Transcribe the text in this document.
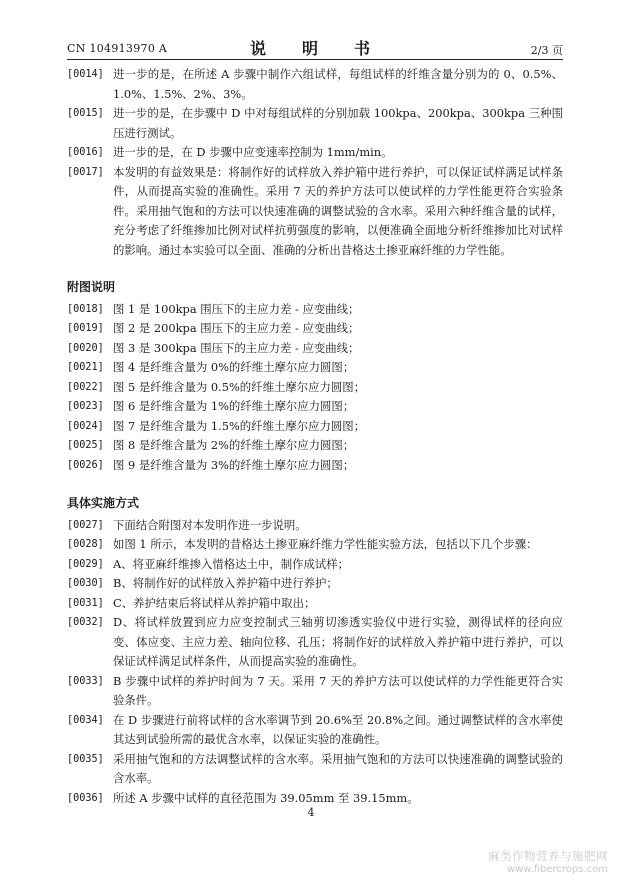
CN 104913970 A	说　明　书	2/3 页
[0014] 进一步的是，在所述 A 步骤中制作六组试样，每组试样的纤维含量分别为的 0、0.5%、1.0%、1.5%、2%、3%。
[0015] 进一步的是，在步骤中 D 中对每组试样的分别加载 100kpa、200kpa、300kpa 三种围压进行测试。
[0016] 进一步的是，在 D 步骤中应变速率控制为 1mm/min。
[0017] 本发明的有益效果是：将制作好的试样放入养护箱中进行养护，可以保证试样满足试样条件，从而提高实验的准确性。采用 7 天的养护方法可以使试样的力学性能更符合实验条件。采用抽气饱和的方法可以快速准确的调整试验的含水率。采用六种纤维含量的试样，充分考虑了纤维掺加比例对试样抗剪强度的影响，以便准确全面地分析纤维掺加比对试样的影响。通过本实验可以全面、准确的分析出昔格达土掺亚麻纤维的力学性能。
附图说明
[0018] 图 1 是 100kpa 围压下的主应力差 - 应变曲线；
[0019] 图 2 是 200kpa 围压下的主应力差 - 应变曲线；
[0020] 图 3 是 300kpa 围压下的主应力差 - 应变曲线；
[0021] 图 4 是纤维含量为 0%的纤维土摩尔应力圆图；
[0022] 图 5 是纤维含量为 0.5%的纤维土摩尔应力圆图；
[0023] 图 6 是纤维含量为 1%的纤维土摩尔应力圆图；
[0024] 图 7 是纤维含量为 1.5%的纤维土摩尔应力圆图；
[0025] 图 8 是纤维含量为 2%的纤维土摩尔应力圆图；
[0026] 图 9 是纤维含量为 3%的纤维土摩尔应力圆图；
具体实施方式
[0027] 下面结合附图对本发明作进一步说明。
[0028] 如图 1 所示，本发明的昔格达土掺亚麻纤维力学性能实验方法，包括以下几个步骤：
[0029] A、将亚麻纤维掺入惜格达土中，制作成试样；
[0030] B、将制作好的试样放入养护箱中进行养护；
[0031] C、养护结束后将试样从养护箱中取出；
[0032] D、将试样放置到应力应变控制式三轴剪切渗透实验仪中进行实验，测得试样的径向应变、体应变、主应力差、轴向位移、孔压；将制作好的试样放入养护箱中进行养护，可以保证试样满足试样条件，从而提高实验的准确性。
[0033] B 步骤中试样的养护时间为 7 天。采用 7 天的养护方法可以使试样的力学性能更符合实验条件。
[0034] 在 D 步骤进行前将试样的含水率调节到 20.6%至 20.8%之间。通过调整试样的含水率使其达到试验所需的最优含水率，以保证实验的准确性。
[0035] 采用抽气饱和的方法调整试样的含水率。采用抽气饱和的方法可以快速准确的调整试验的含水率。
[0036] 所述 A 步骤中试样的直径范围为 39.05mm 至 39.15mm。
4
麻类作物营养与施肥网
www.fibercrops.com
